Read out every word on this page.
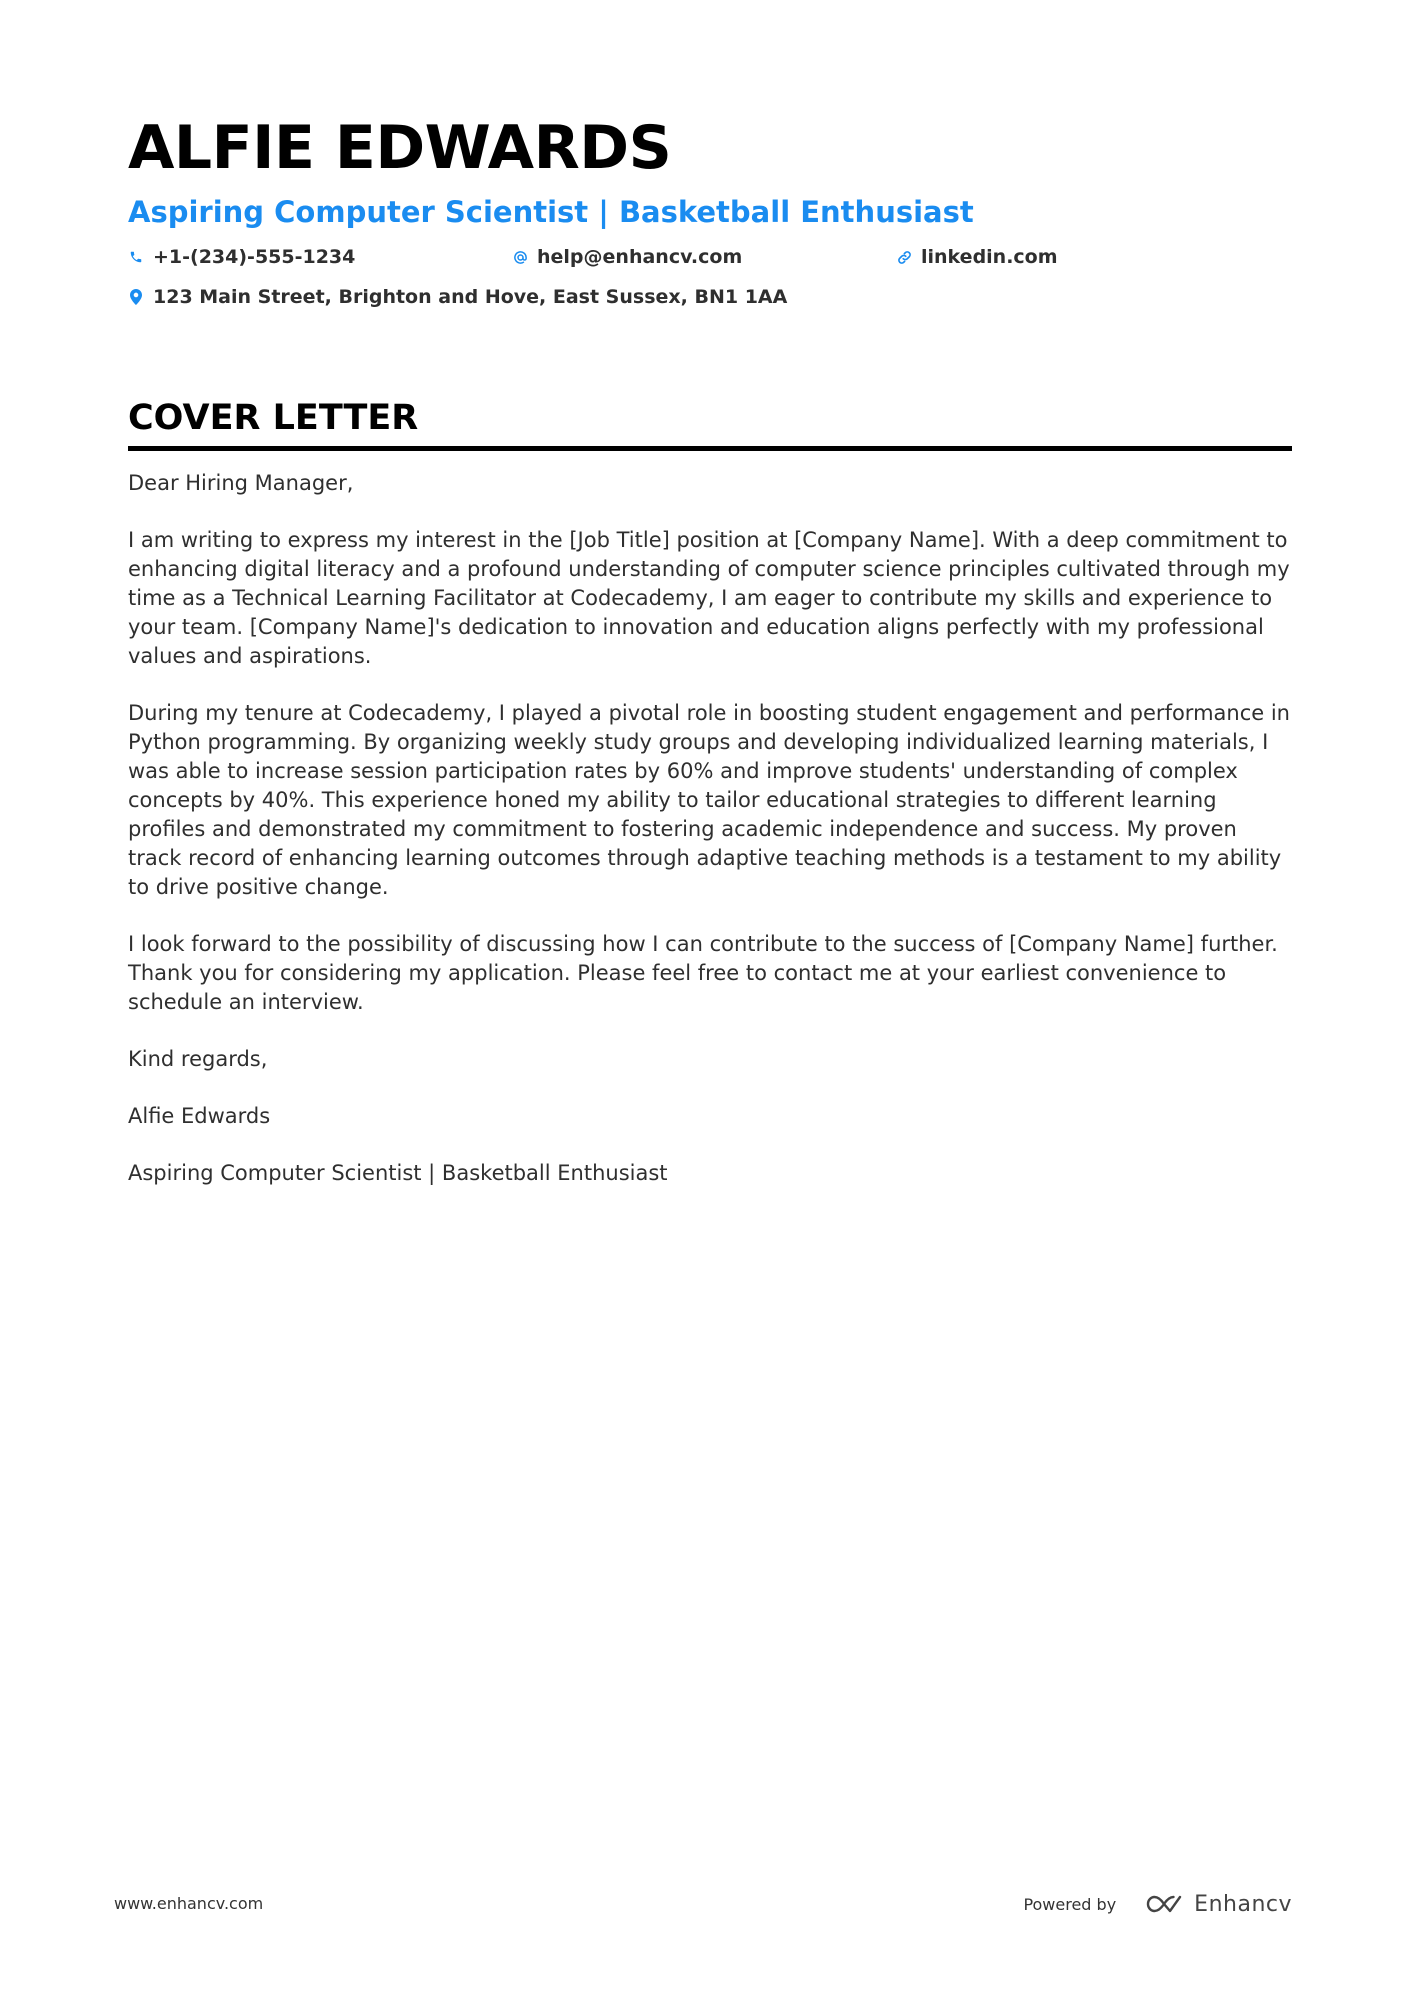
ALFIE EDWARDS
Aspiring Computer Scientist | Basketball Enthusiast
+1-(234)-555-1234	help@enhancv.com	linkedin.com
123 Main Street, Brighton and Hove, East Sussex, BN1 1AA
COVER LETTER

Dear Hiring Manager,

I am writing to express my interest in the [Job Title] position at [Company Name]. With a deep commitment to enhancing digital literacy and a profound understanding of computer science principles cultivated through my time as a Technical Learning Facilitator at Codecademy, I am eager to contribute my skills and experience to your team. [Company Name]'s dedication to innovation and education aligns perfectly with my professional values and aspirations.

During my tenure at Codecademy, I played a pivotal role in boosting student engagement and performance in Python programming. By organizing weekly study groups and developing individualized learning materials, I was able to increase session participation rates by 60% and improve students' understanding of complex concepts by 40%. This experience honed my ability to tailor educational strategies to different learning profiles and demonstrated my commitment to fostering academic independence and success. My proven track record of enhancing learning outcomes through adaptive teaching methods is a testament to my ability to drive positive change.

I look forward to the possibility of discussing how I can contribute to the success of [Company Name] further. Thank you for considering my application. Please feel free to contact me at your earliest convenience to schedule an interview.

Kind regards,

Alfie Edwards

Aspiring Computer Scientist | Basketball Enthusiast

www.enhancv.com	Powered by	Enhancv
